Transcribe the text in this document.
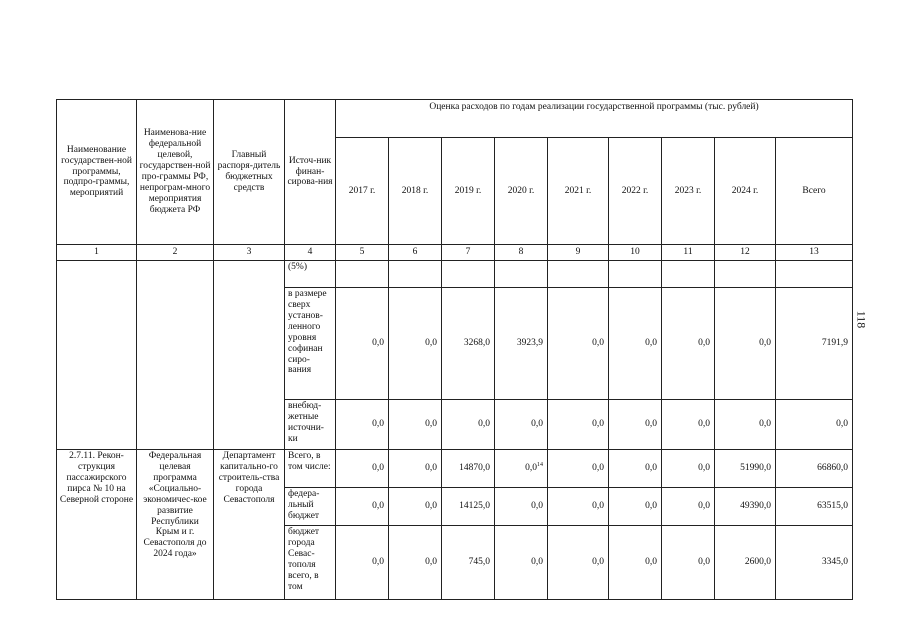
118
Наименование государствен-ной программы, подпро-граммы, мероприятий	Наименова-ние федеральной целевой, государствен-ной про-граммы РФ, непрограм-много мероприятия бюджета РФ	Главный распоря-дитель бюджетных средств	Источ-ник финан-сирова-ния	Оценка расходов по годам реализации государственной программы (тыс. рублей)								
				2017 г.	2018 г.	2019 г.	2020 г.	2021 г.	2022 г.	2023 г.	2024 г.	Всего
1	2	3	4	5	6	7	8	9	10	11	12	13
			(5%)									
			в размере сверх установ-ленного уровня софинан сиро-вания	0,0	0,0	3268,0	3923,9	0,0	0,0	0,0	0,0	7191,9
			внебюд-жетные источни-ки	0,0	0,0	0,0	0,0	0,0	0,0	0,0	0,0	0,0
2.7.11. Рекон-струкция пассажирского пирса № 10 на Северной стороне	Федеральная целевая программа «Социально-экономичес-кое развитие Республики Крым и г. Севастополя до 2024 года»	Департамент капитально-го строитель-ства города Севастополя	Всего, в том числе:	0,0	0,0	14870,0	$0,0^{14}$	0,0	0,0	0,0	51990,0	66860,0
			федера-льный бюджет	0,0	0,0	14125,0	0,0	0,0	0,0	0,0	49390,0	63515,0
			бюджет города Севас-тополя всего, в том	0,0	0,0	745,0	0,0	0,0	0,0	0,0	2600,0	3345,0
